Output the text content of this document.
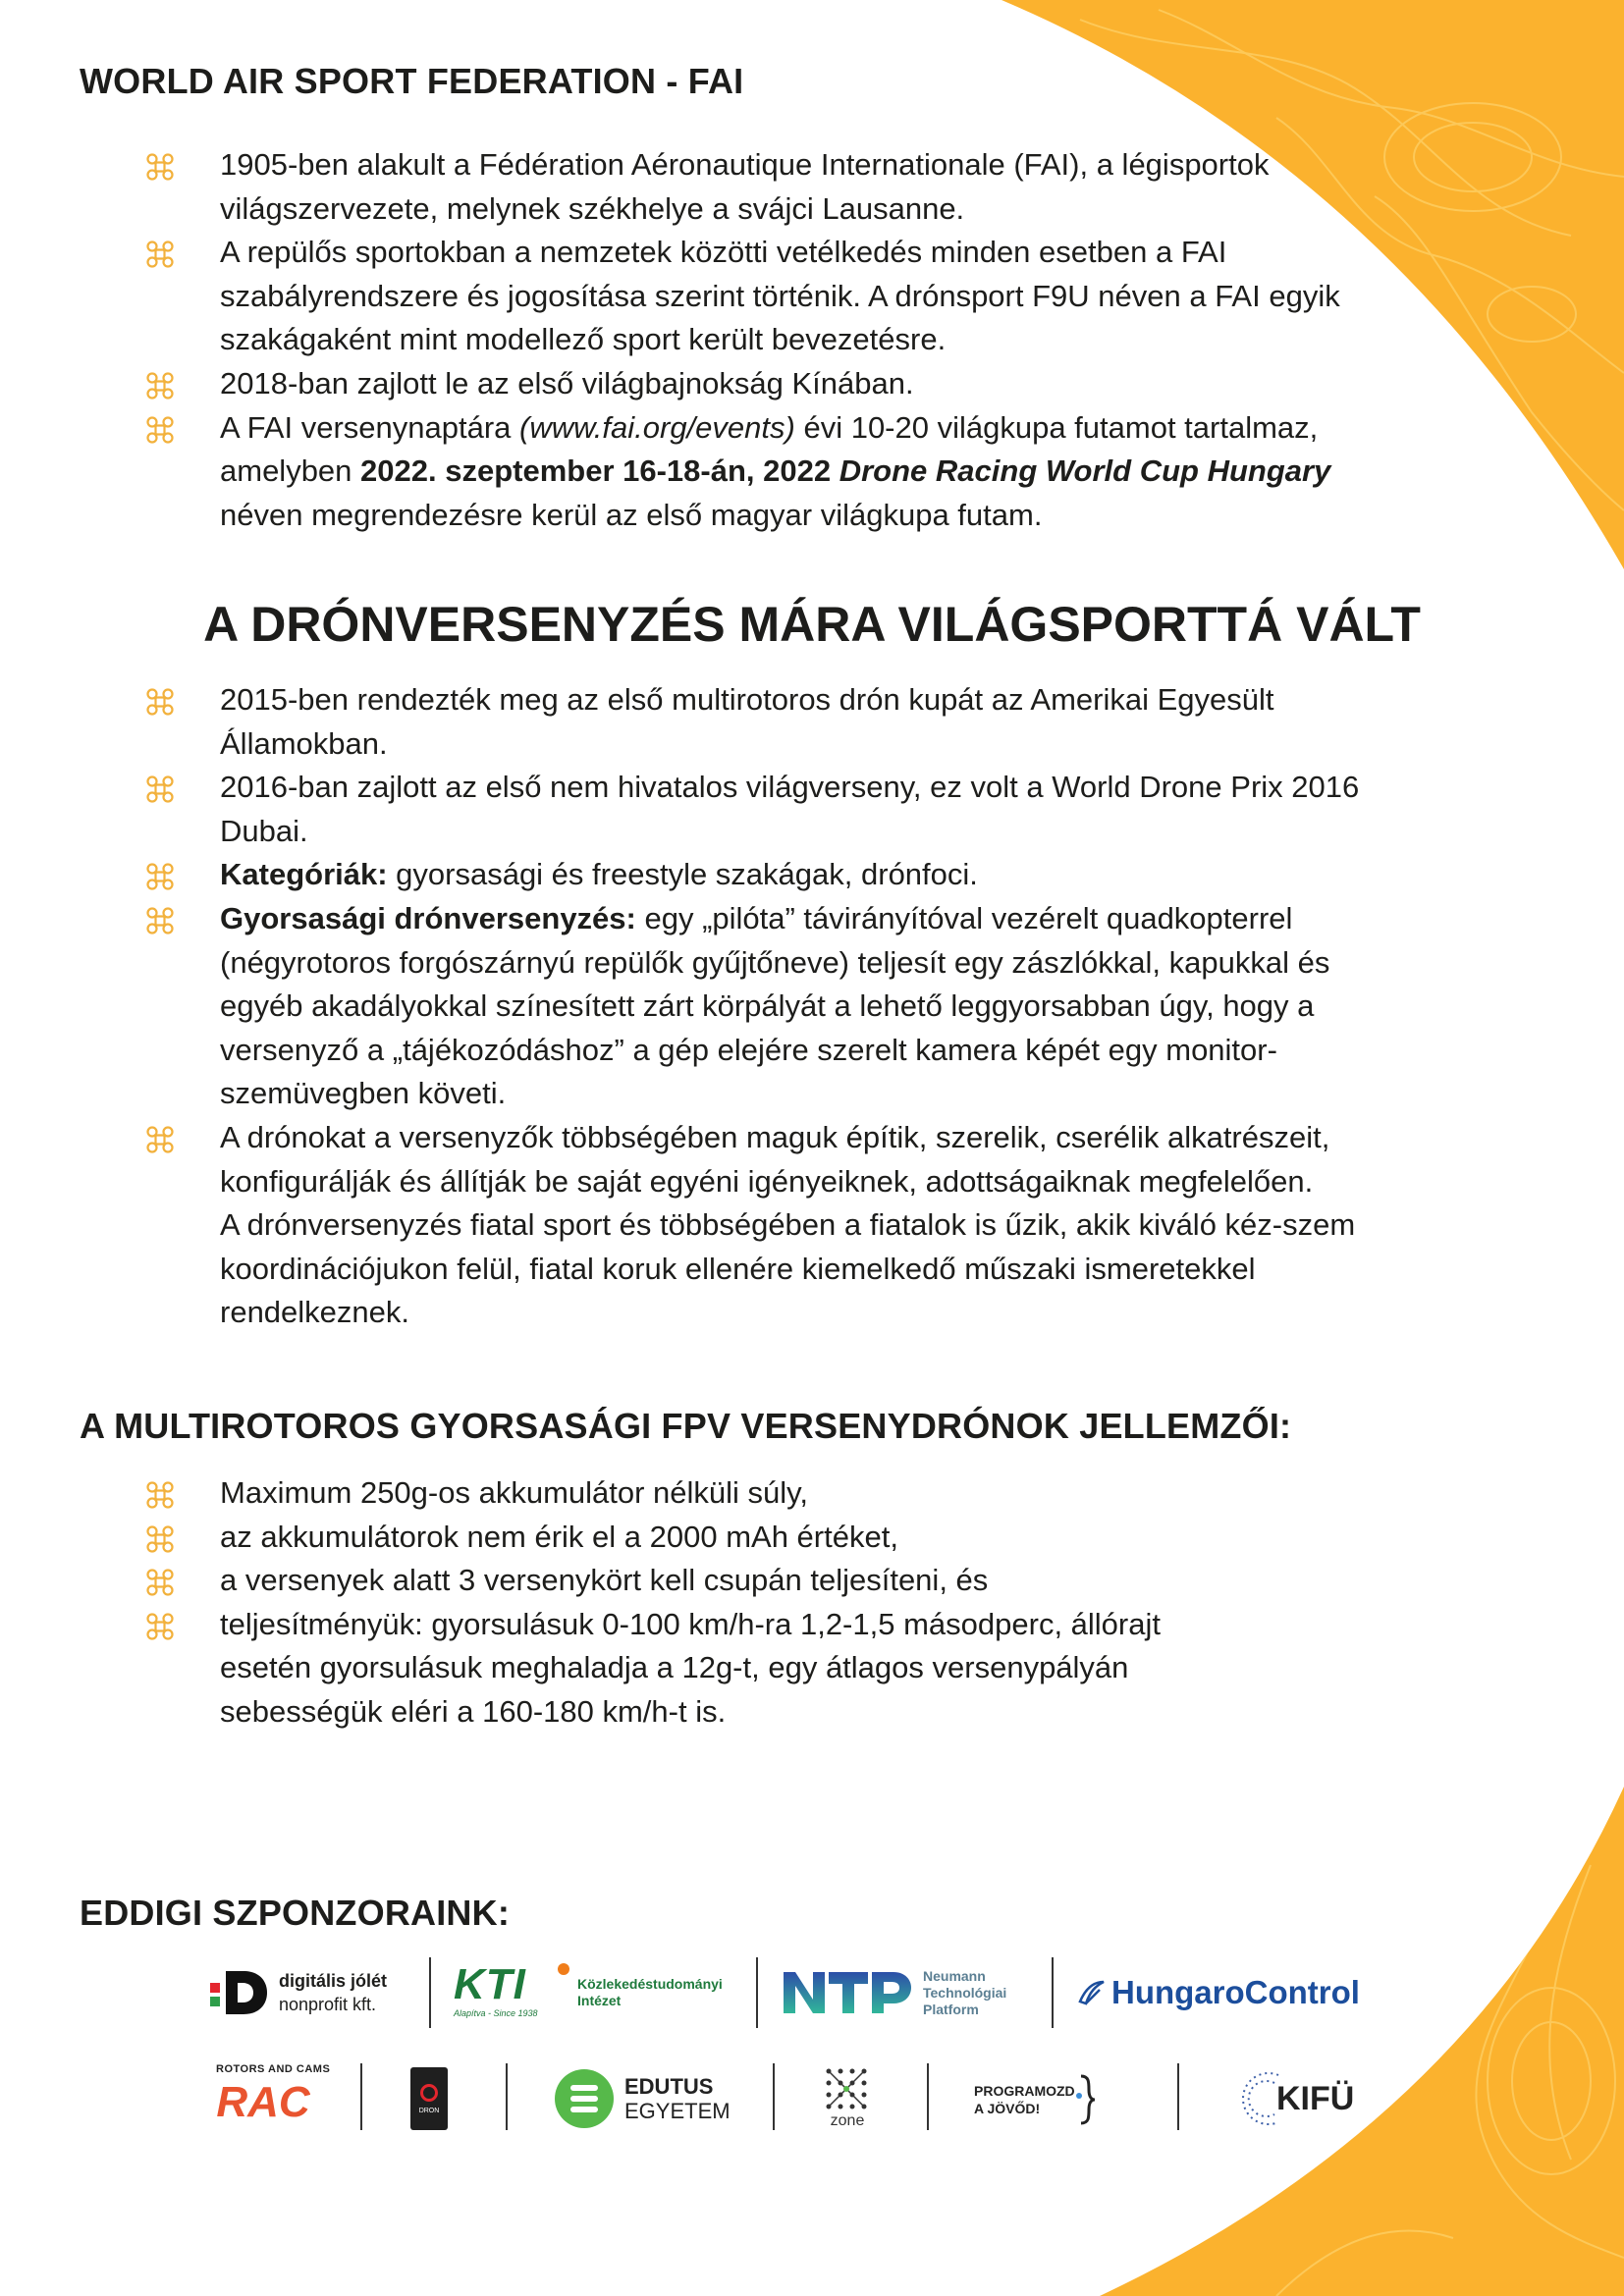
WORLD AIR SPORT FEDERATION - FAI
1905-ben alakult a Fédération Aéronautique Internationale (FAI), a légisportok világszervezete, melynek székhelye a svájci Lausanne.
A repülős sportokban a nemzetek közötti vetélkedés minden esetben a FAI szabályrendszere és jogosítása szerint történik. A drónsport F9U néven a FAI egyik szakágaként mint modellező sport került bevezetésre.
2018-ban zajlott le az első világbajnokság Kínában.
A FAI versenynaptára (www.fai.org/events) évi 10-20 világkupa futamot tartalmaz, amelyben 2022. szeptember 16-18-án, 2022 Drone Racing World Cup Hungary néven megrendezésre kerül az első magyar világkupa futam.
A DRÓNVERSENYZÉS MÁRA VILÁGSPORTTÁ VÁLT
2015-ben rendezték meg az első multirotoros drón kupát az Amerikai Egyesült Államokban.
2016-ban zajlott az első nem hivatalos világverseny, ez volt a World Drone Prix 2016 Dubai.
Kategóriák: gyorsasági és freestyle szakágak, drónfoci.
Gyorsasági drónversenyzés: egy „pilóta” távirányítóval vezérelt quadkopterrel (négyrotoros forgószárnyú repülők gyűjtőneve) teljesít egy zászlókkal, kapukkal és egyéb akadályokkal színesített zárt körpályát a lehető leggyorsabban úgy, hogy a versenyző a „tájékozódáshoz” a gép elejére szerelt kamera képét egy monitor-szemüvegben követi.
A drónokat a versenyzők többségében maguk építik, szerelik, cserélik alkatrészeit, konfigurálják és állítják be saját egyéni igényeiknek, adottságaiknak megfelelően.
A drónversenyzés fiatal sport és többségében a fiatalok is űzik, akik kiváló kéz-szem koordinációjukon felül, fiatal koruk ellenére kiemelkedő műszaki ismeretekkel rendelkeznek.
A MULTIROTOROS GYORSASÁGI FPV VERSENYDRÓNOK JELLEMZŐI:
Maximum 250g-os akkumulátor nélküli súly,
az akkumulátorok nem érik el a 2000 mAh értéket,
a versenyek alatt 3 versenykört kell csupán teljesíteni, és
teljesítményük: gyorsulásuk 0-100 km/h-ra 1,2-1,5 másodperc, állórajt esetén gyorsulásuk meghaladja a 12g-t, egy átlagos versenypályán sebességük eléri a 160-180 km/h-t is.
EDDIGI SZPONZORAINK:
digitális jólét
nonprofit kft. KTI
Alapítva - Since 1938
Közlekedéstudományi
Intézet
Neumann
Technológiai
Platform	HungaroControl
ROTORS AND CAMS
RAC	DRON
EDUTUS
EGYETEM	zone
PROGRAMOZD
A JÖVŐD!	KIFÜ
